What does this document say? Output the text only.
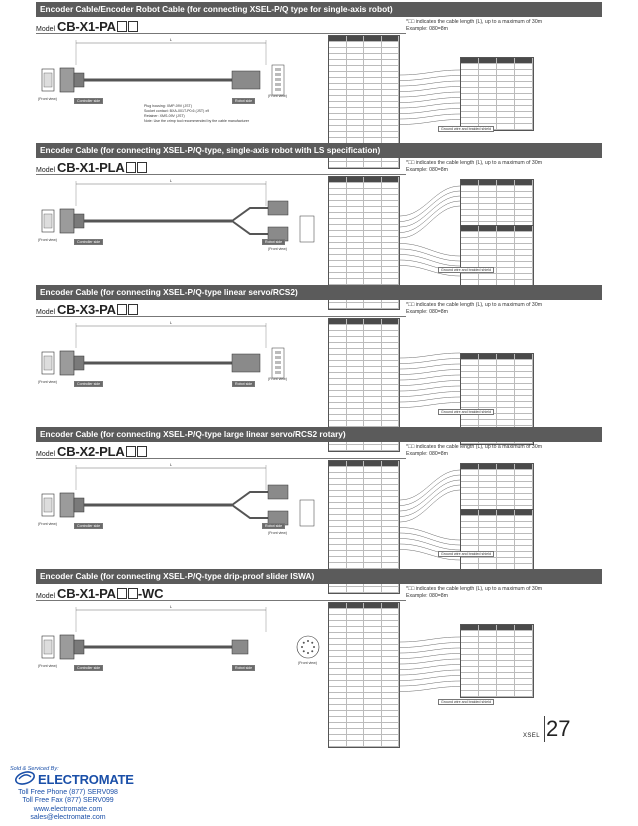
Encoder Cable/Encoder Robot Cable (for connecting XSEL-P/Q type for single-axis robot)
Model CB-X1-PA	*□□ indicates the cable length (L), up to a maximum of 30m
Example: 080=8m
L
Controller side	Robot side
(Front view)
(Front view)
Plug housing: XMP-09V (JST)
Socket contact: BXA-001T-P0.6 (JST) x9
Retainer: XMS-09V (JST)
Note: Use the crimp tool recommended by the cable manufacturer
Ground wire and braided shield
Encoder Cable (for connecting XSEL-P/Q-type, single-axis robot with LS specification)
Model CB-X1-PLA	*□□ indicates the cable length (L), up to a maximum of 30m
Example: 080=8m
L
Controller side	Robot side
(Front view)
(Front view)
Ground wire and braided shield
Encoder Cable (for connecting XSEL-P/Q-type linear servo/RCS2)
Model CB-X3-PA	*□□ indicates the cable length (L), up to a maximum of 30m
Example: 080=8m
L
Controller side	Robot side
(Front view)
(Front view)
Ground wire and braided shield
Encoder Cable (for connecting XSEL-P/Q-type large linear servo/RCS2 rotary)
Model CB-X2-PLA	*□□ indicates the cable length (L), up to a maximum of 30m
Example: 080=8m
L
Controller side	Robot side
(Front view)
(Front view)
Ground wire and braided shield
Encoder Cable (for connecting XSEL-P/Q-type drip-proof slider ISWA)
Model CB-X1-PA -WC	*□□ indicates the cable length (L), up to a maximum of 30m
Example: 080=8m
L
Controller side	Robot side
(Front view)
(Front view)
Ground wire and braided shield
XSEL 27
ELECTROMATE
Sold & Serviced By:
Toll Free Phone (877) SERV098
Toll Free Fax (877) SERV099
www.electromate.com
sales@electromate.com
